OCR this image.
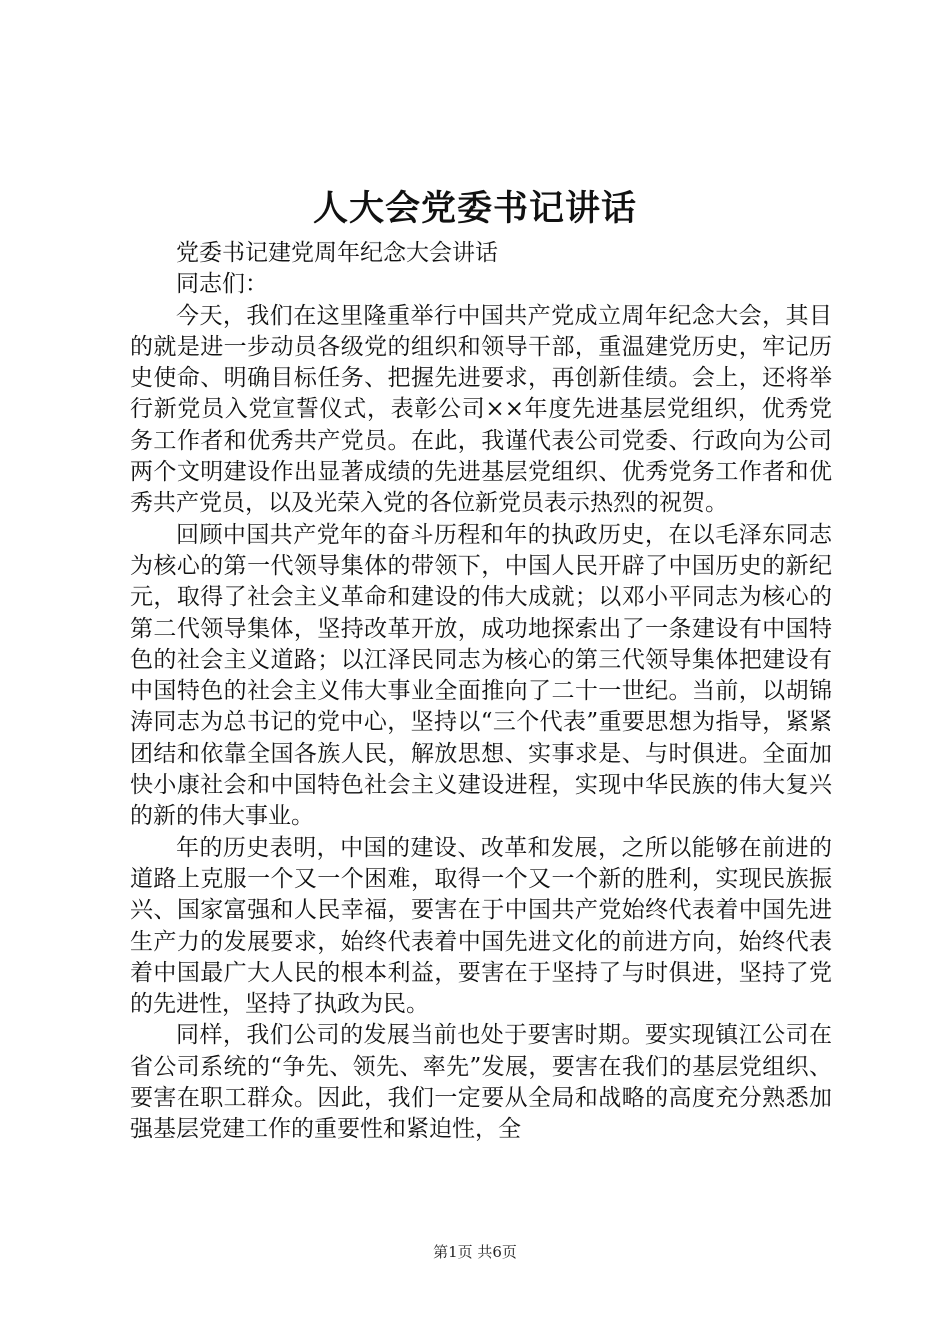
人大会党委书记讲话

党委书记建党周年纪念大会讲话

同志们：

今天，我们在这里隆重举行中国共产党成立周年纪念大会，其目的就是进一步动员各级党的组织和领导干部，重温建党历史，牢记历史使命、明确目标任务、把握先进要求，再创新佳绩。会上，还将举行新党员入党宣誓仪式，表彰公司××年度先进基层党组织，优秀党务工作者和优秀共产党员。在此，我谨代表公司党委、行政向为公司两个文明建设作出显著成绩的先进基层党组织、优秀党务工作者和优秀共产党员，以及光荣入党的各位新党员表示热烈的祝贺。

回顾中国共产党年的奋斗历程和年的执政历史，在以毛泽东同志为核心的第一代领导集体的带领下，中国人民开辟了中国历史的新纪元，取得了社会主义革命和建设的伟大成就；以邓小平同志为核心的第二代领导集体，坚持改革开放，成功地探索出了一条建设有中国特色的社会主义道路；以江泽民同志为核心的第三代领导集体把建设有中国特色的社会主义伟大事业全面推向了二十一世纪。当前，以胡锦涛同志为总书记的党中心，坚持以“三个代表”重要思想为指导，紧紧团结和依靠全国各族人民，解放思想、实事求是、与时俱进。全面加快小康社会和中国特色社会主义建设进程，实现中华民族的伟大复兴的新的伟大事业。

年的历史表明，中国的建设、改革和发展，之所以能够在前进的道路上克服一个又一个困难，取得一个又一个新的胜利，实现民族振兴、国家富强和人民幸福，要害在于中国共产党始终代表着中国先进生产力的发展要求，始终代表着中国先进文化的前进方向，始终代表着中国最广大人民的根本利益，要害在于坚持了与时俱进，坚持了党的先进性，坚持了执政为民。

同样，我们公司的发展当前也处于要害时期。要实现镇江公司在省公司系统的“争先、领先、率先”发展，要害在我们的基层党组织、要害在职工群众。因此，我们一定要从全局和战略的高度充分熟悉加强基层党建工作的重要性和紧迫性，全

第1页 共6页
